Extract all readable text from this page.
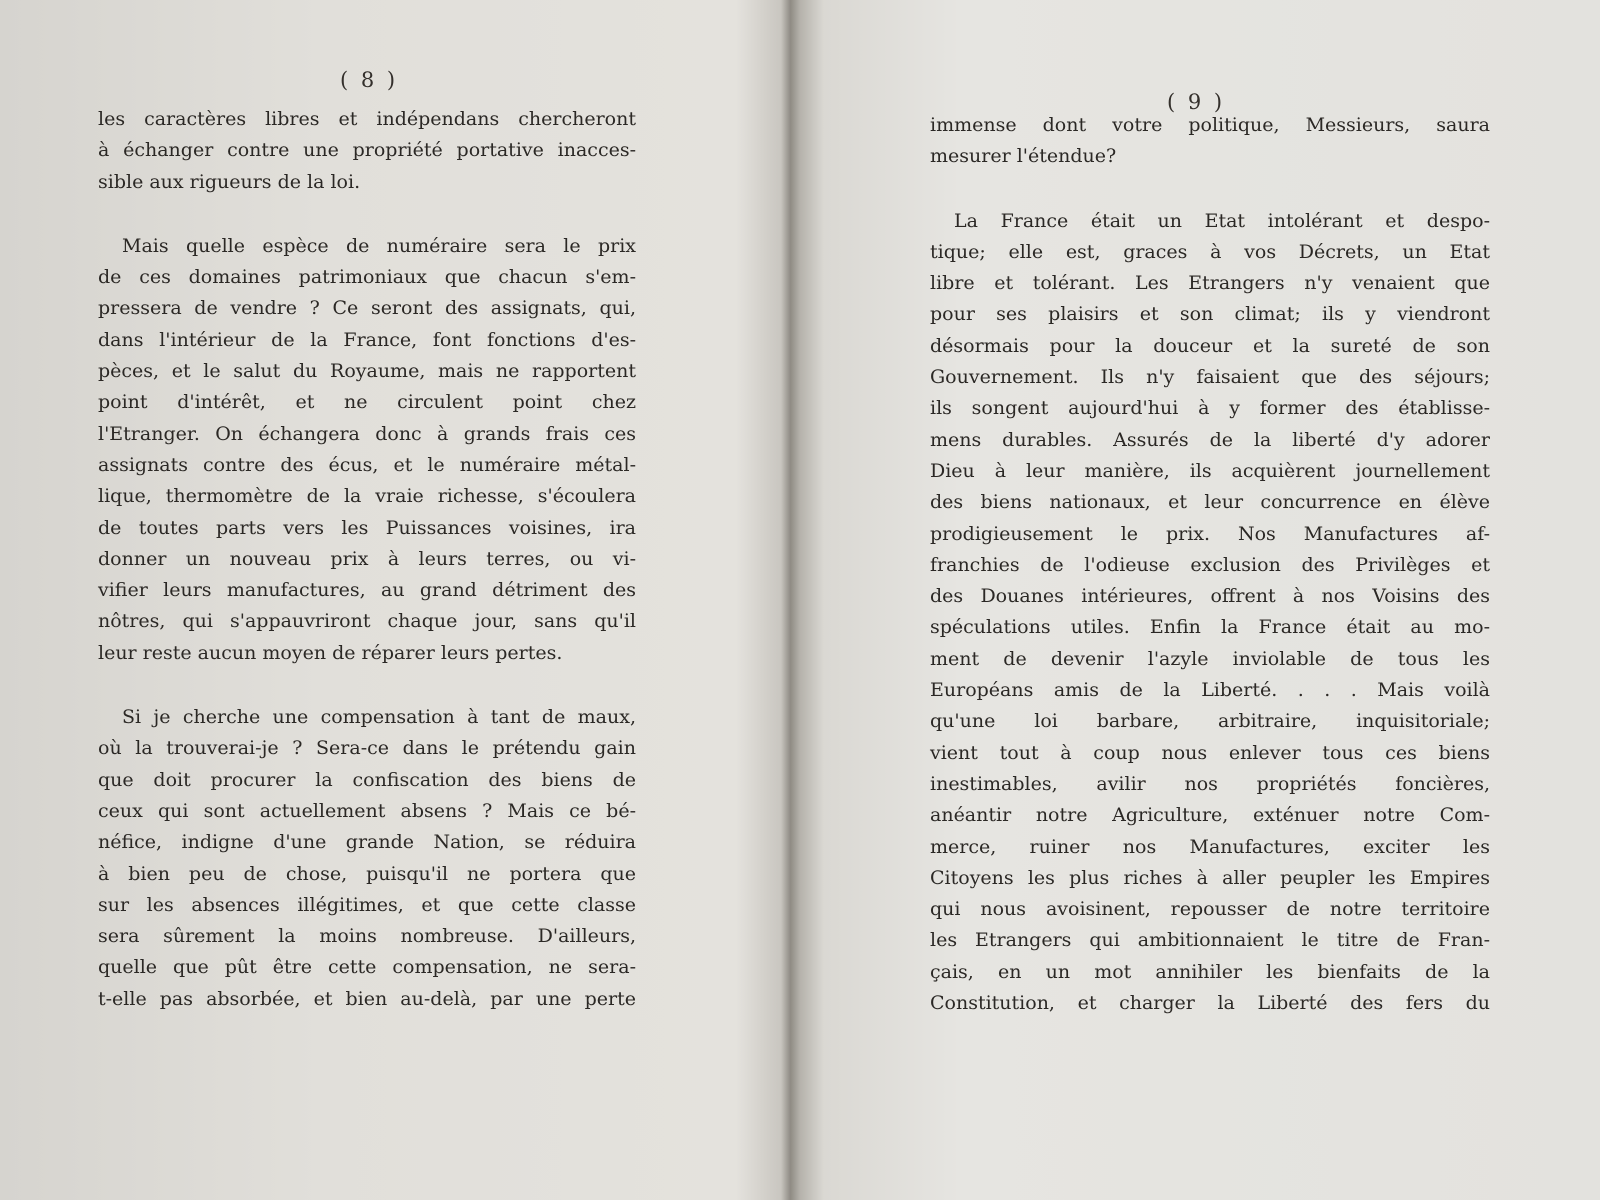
( 8 )
les caractères libres et indépendans chercheront
à échanger contre une propriété portative inacces-
sible aux rigueurs de la loi.
Mais quelle espèce de numéraire sera le prix
de ces domaines patrimoniaux que chacun s'em-
pressera de vendre ? Ce seront des assignats, qui,
dans l'intérieur de la France, font fonctions d'es-
pèces, et le salut du Royaume, mais ne rapportent
point d'intérêt, et ne circulent point chez
l'Etranger. On échangera donc à grands frais ces
assignats contre des écus, et le numéraire métal-
lique, thermomètre de la vraie richesse, s'écoulera
de toutes parts vers les Puissances voisines, ira
donner un nouveau prix à leurs terres, ou vi-
vifier leurs manufactures, au grand détriment des
nôtres, qui s'appauvriront chaque jour, sans qu'il
leur reste aucun moyen de réparer leurs pertes.
Si je cherche une compensation à tant de maux,
où la trouverai-je ? Sera-ce dans le prétendu gain
que doit procurer la confiscation des biens de
ceux qui sont actuellement absens ? Mais ce bé-
néfice, indigne d'une grande Nation, se réduira
à bien peu de chose, puisqu'il ne portera que
sur les absences illégitimes, et que cette classe
sera sûrement la moins nombreuse. D'ailleurs,
quelle que pût être cette compensation, ne sera-
t-elle pas absorbée, et bien au-delà, par une perte
( 9 )
immense dont votre politique, Messieurs, saura
mesurer l'étendue?
La France était un Etat intolérant et despo-
tique; elle est, graces à vos Décrets, un Etat
libre et tolérant. Les Etrangers n'y venaient que
pour ses plaisirs et son climat; ils y viendront
désormais pour la douceur et la sureté de son
Gouvernement. Ils n'y faisaient que des séjours;
ils songent aujourd'hui à y former des établisse-
mens durables. Assurés de la liberté d'y adorer
Dieu à leur manière, ils acquièrent journellement
des biens nationaux, et leur concurrence en élève
prodigieusement le prix. Nos Manufactures af-
franchies de l'odieuse exclusion des Privilèges et
des Douanes intérieures, offrent à nos Voisins des
spéculations utiles. Enfin la France était au mo-
ment de devenir l'azyle inviolable de tous les
Européans amis de la Liberté. . . . Mais voilà
qu'une loi barbare, arbitraire, inquisitoriale;
vient tout à coup nous enlever tous ces biens
inestimables, avilir nos propriétés foncières,
anéantir notre Agriculture, exténuer notre Com-
merce, ruiner nos Manufactures, exciter les
Citoyens les plus riches à aller peupler les Empires
qui nous avoisinent, repousser de notre territoire
les Etrangers qui ambitionnaient le titre de Fran-
çais, en un mot annihiler les bienfaits de la
Constitution, et charger la Liberté des fers du
